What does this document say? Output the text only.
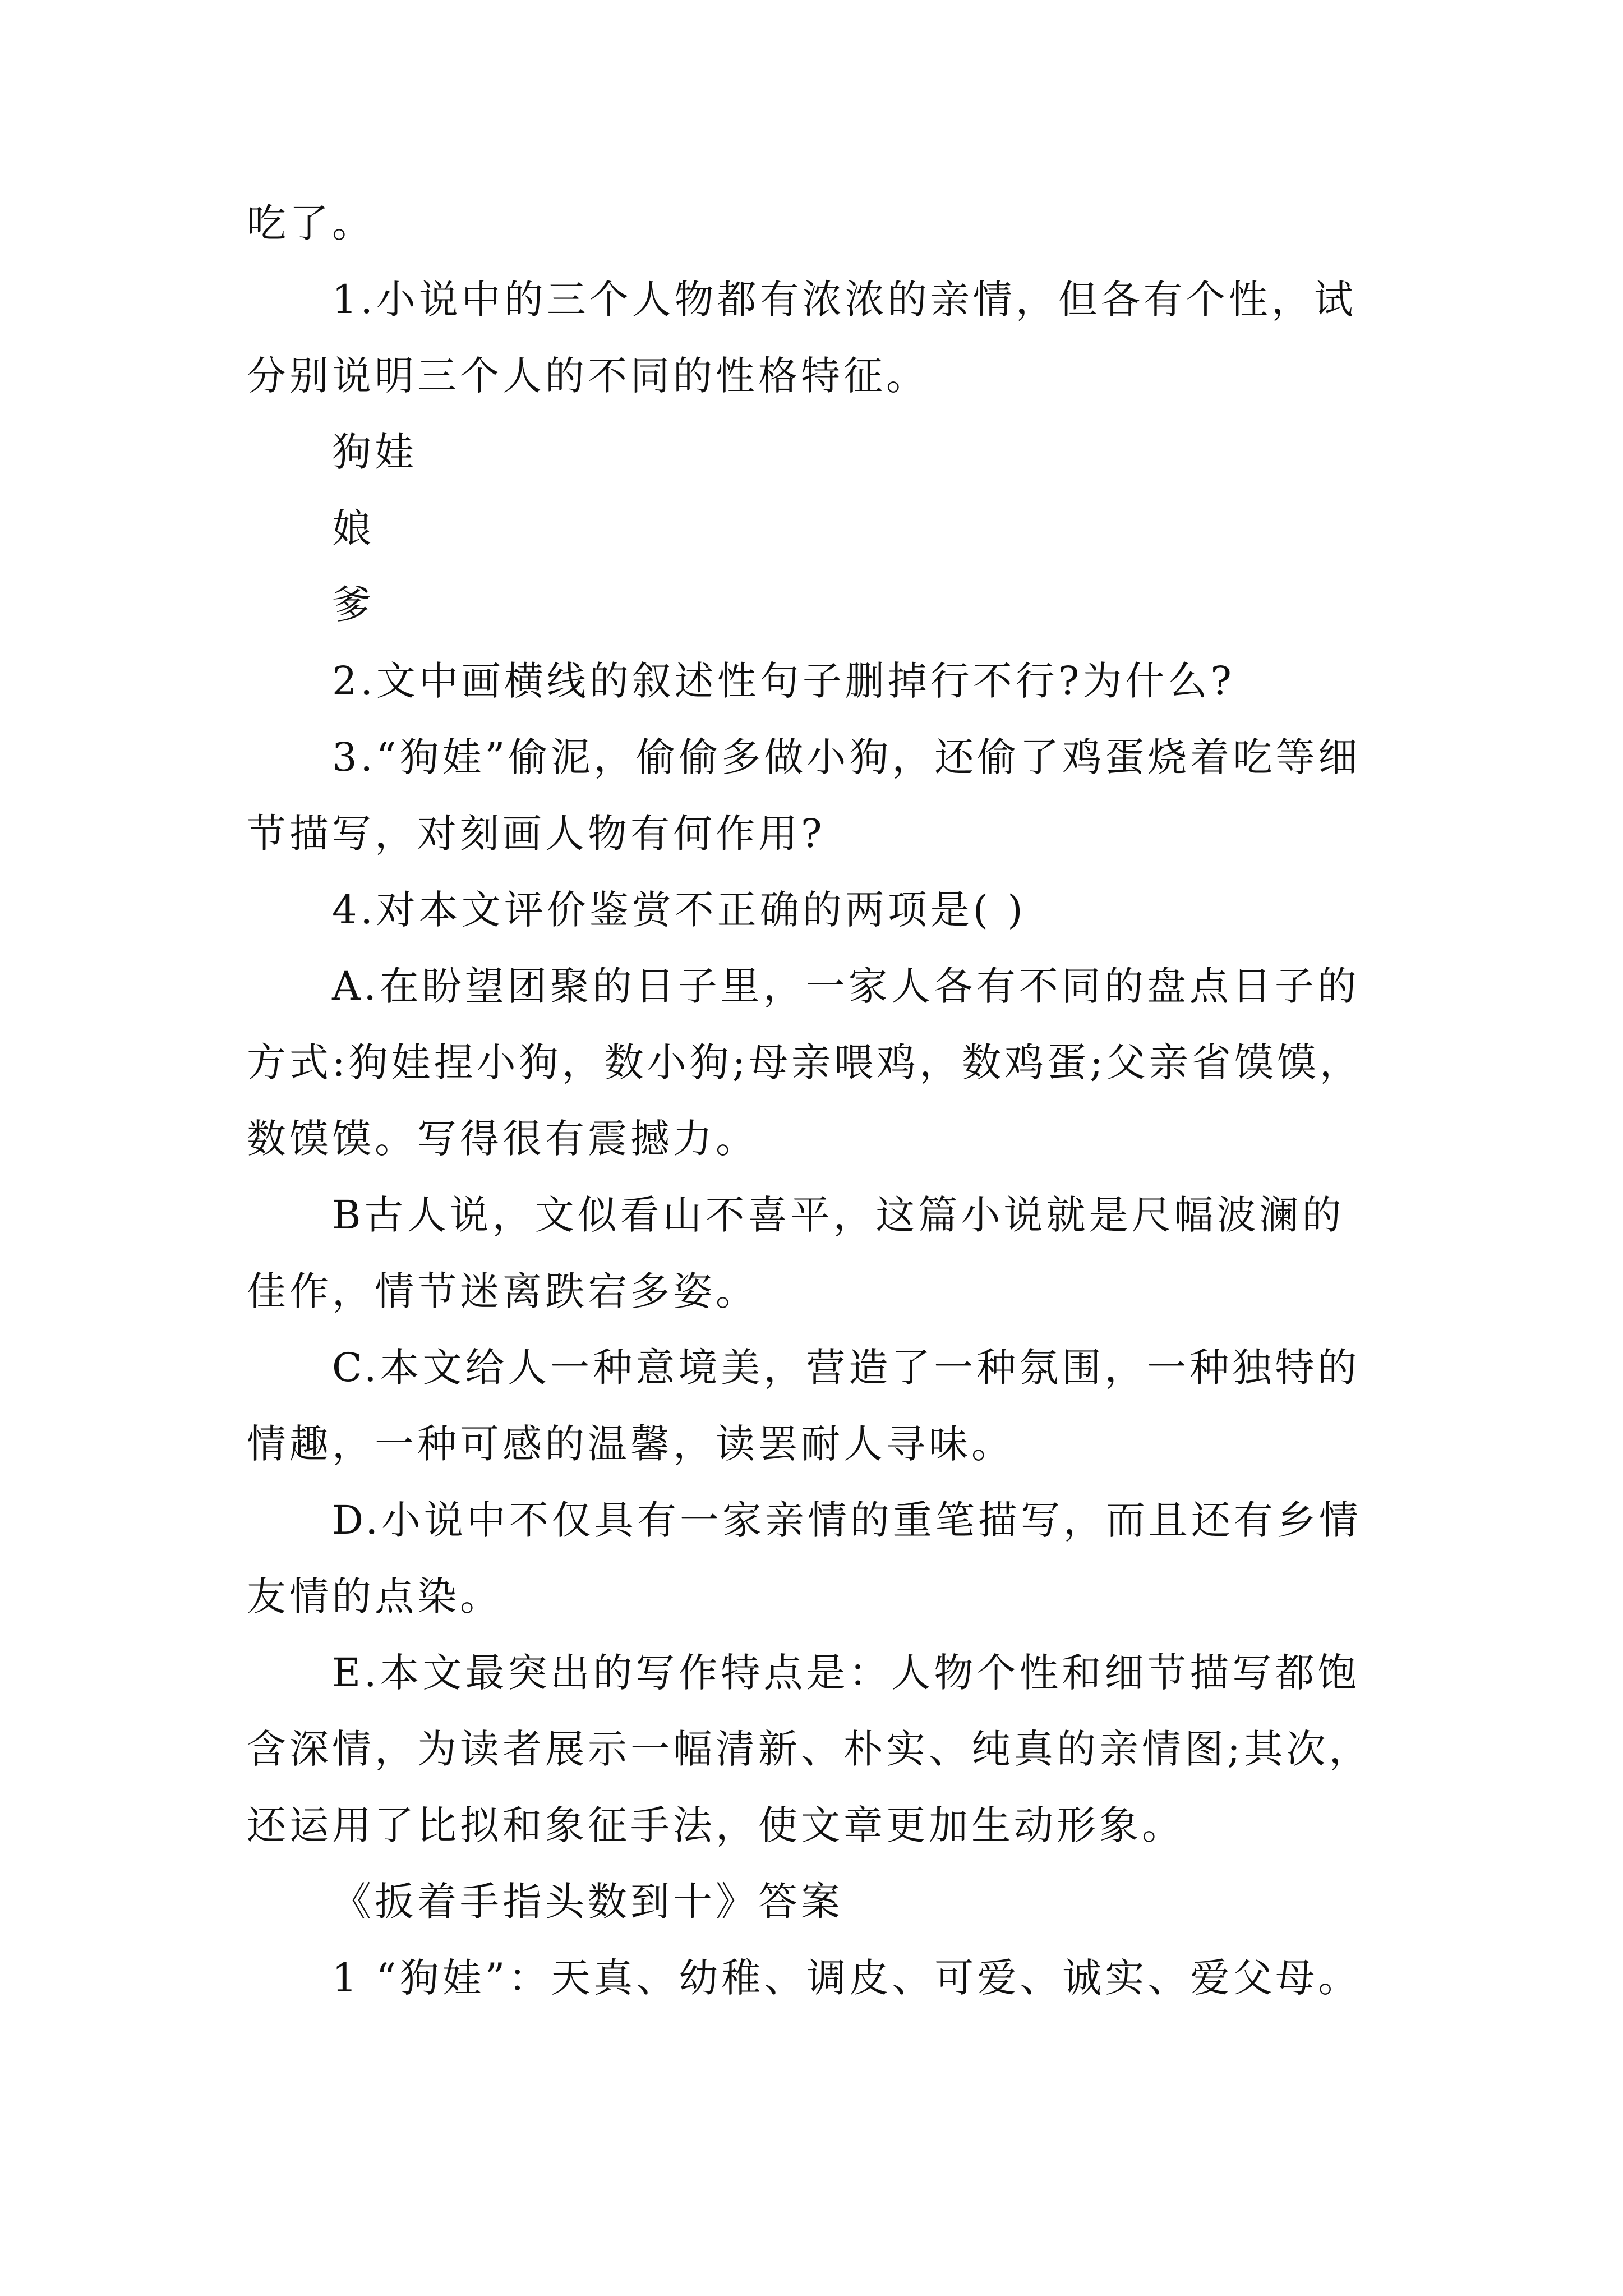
吃了。

1.小说中的三个人物都有浓浓的亲情，但各有个性，试分别说明三个人的不同的性格特征。

狗娃

娘

爹

2.文中画横线的叙述性句子删掉行不行?为什么?

3.“狗娃”偷泥，偷偷多做小狗，还偷了鸡蛋烧着吃等细节描写，对刻画人物有何作用?

4.对本文评价鉴赏不正确的两项是( )

A.在盼望团聚的日子里，一家人各有不同的盘点日子的方式:狗娃捏小狗，数小狗;母亲喂鸡，数鸡蛋;父亲省馍馍，数馍馍。写得很有震撼力。

B古人说，文似看山不喜平，这篇小说就是尺幅波澜的佳作，情节迷离跌宕多姿。

C.本文给人一种意境美，营造了一种氛围，一种独特的情趣，一种可感的温馨，读罢耐人寻味。

D.小说中不仅具有一家亲情的重笔描写，而且还有乡情友情的点染。

E.本文最突出的写作特点是：人物个性和细节描写都饱含深情，为读者展示一幅清新、朴实、纯真的亲情图;其次，还运用了比拟和象征手法，使文章更加生动形象。

《扳着手指头数到十》答案

1 “狗娃”：天真、幼稚、调皮、可爱、诚实、爱父母。
